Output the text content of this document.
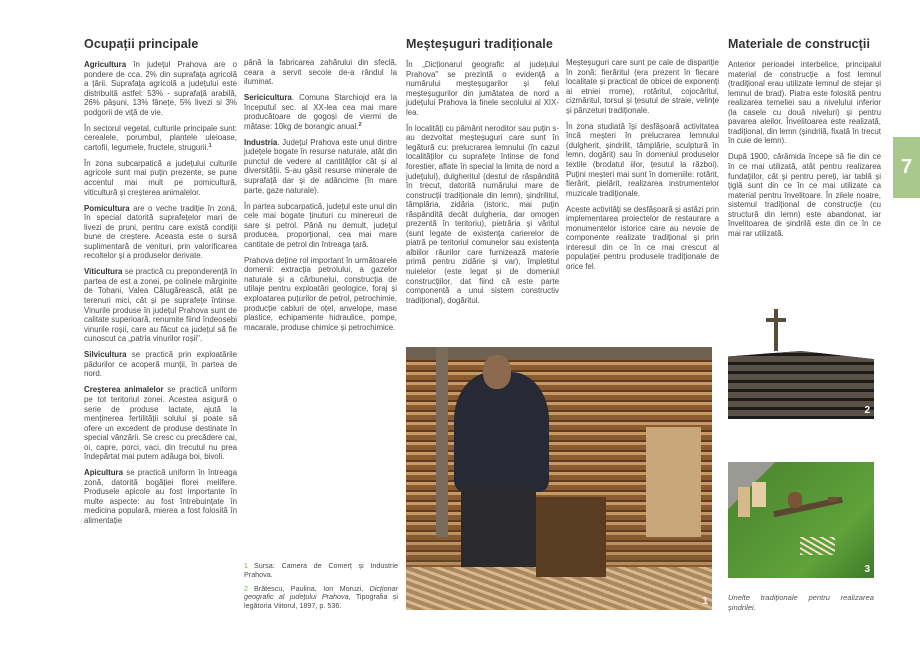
Ocupații principale

Agricultura în județul Prahova are o pondere de cca. 2% din suprafața agricolă a țării. Suprafața agricolă a județului este distribuită astfel: 53% - suprafață arabilă, 26% pășuni, 13% fânețe, 5% livezi si 3% podgorii de viță de vie.

În sectorul vegetal, culturile principale sunt: cerealele, porumbul, plantele uleioase, cartofii, legumele, fructele, strugurii.$^1$

În zona subcarpatică a județului culturile agricole sunt mai puțin prezente, se pune accentul mai mult pe pomicultură, viticultură și creșterea animalelor.

Pomicultura are o veche tradiție în zonă, în special datorită suprafețelor mari de livezi de pruni, pentru care există condiții bune de creștere. Aceasta este o sursă suplimentară de venituri, prin valorificarea recoltelor și a produselor derivate.

Viticultura se practică cu preponderență în partea de est a zonei, pe colinele mărginite de Tohani, Valea Călugărească, atât pe terenuri mici, cât și pe suprafețe întinse. Vinurile produse în județul Prahova sunt de calitate superioară, renumite fiind îndeosebi vinurile roșii, care au făcut ca județul să fie cunoscut ca „patria vinurilor roșii".

Silvicultura se practică prin exploatările pădurilor ce acoperă munții, în partea de nord.

Creșterea animalelor se practică uniform pe tot teritoriul zonei. Acestea asigură o serie de produse lactate, ajută la menținerea fertilității solului și poate să ofere un excedent de produse destinate în special vânzării. Se cresc cu precădere cai, oi, capre, porci, vaci, din trecutul nu prea îndepărtat mai putem adăuga boi, bivoli.

Apicultura se practică uniform în întreaga zonă, datorită bogăției florei melifere. Produsele apicole au fost importante în multe aspecte: au fost întrebuințate în medicina populară, mierea a fost folosită în alimentație

până la fabricarea zahărului din sfeclă, ceara a servit secole de-a rândul la iluminat.

Sericicultura. Comuna Starchiojd era la începutul sec. al XX-lea cea mai mare producătoare de gogoși de viermi de mătase: 10kg de borangic anual.$^2$

Industria. Județul Prahova este unul dintre județele bogate în resurse naturale, atât din punctul de vedere al cantităților cât și al diversității. S-au găsit resurse minerale de suprafață dar și de adâncime (în mare parte, gaze naturale).

În partea subcarpatică, județul este unul din cele mai bogate ținuturi cu minereuri de sare și petrol. Până nu demult, județul producea, proporțional, cea mai mare cantitate de petrol din întreaga țară.

Prahova deține rol important în următoarele domenii: extracția petrolului, a gazelor naturale și a cărbunelui, construcția de utilaje pentru exploatări geologice, foraj și exploatarea puțurilor de petrol, petrochimie, producție cabluri de oțel, anvelope, mase plastice, echipamente hidraulice, pompe, macarale, produse chimice și petrochimice.

1 Sursa: Camera de Comerț și Industrie Prahova.

2 Brătescu, Paulina, Ion Moruzi, Dicționar geografic al județului Prahova, Tipografia și legătoria Viitorul, 1897, p. 536.

Meșteșuguri tradiționale

În „Dicționarul geografic al județului Prahova" se prezintă o evidență a numărului meșteșugarilor și felul meșteșugurilor din jumătatea de nord a județului Prahova la finele secolului al XIX-lea.

În localități cu pământ neroditor sau puțin s-au dezvoltat meșteșuguri care sunt în legătură cu: prelucrarea lemnului (în cazul localităților cu suprafețe întinse de fond forestier, aflate în special la limita de nord a județului), dulgheritul (destul de răspândită în trecut, datorită numărului mare de construcții tradiționale din lemn), șindrilitul, tâmplăria, zidăria (istoric, mai puțin răspândită decât dulgheria, dar omogen prezentă în teritoriu), pietrăria și văritul (sunt legate de existența carierelor de piatră pe teritoriul comunelor sau existența albiilor râurilor care furnizează materie primă pentru zidărie și var), împletitul nuielelor (este legat și de domeniul construcțiilor, dat fiind că este parte componentă a unui sistem constructiv tradițional), dogăritul.

Meșteșuguri care sunt pe cale de dispariție în zonă: fierăritul (era prezent în fiecare localitate și practicat de obicei de exponenți ai etniei rrome), rotăritul, cojocăritul, cizmăritul, torsul și țesutul de straie, velințe și pânzeturi tradiționale.

În zona studiată își desfășoară activitatea încă meșteri în prelucrarea lemnului (dulgherit, șindrilit, tâmplărie, sculptură în lemn, dogărit) sau în domeniul produselor textile (brodatul iilor, țesutul la război). Puțini meșteri mai sunt în domeniile: rotărit, fierărit, pielărit, realizarea instrumentelor muzicale tradiționale.

Aceste activități se desfășoară și astăzi prin implementarea proiectelor de restaurare a monumentelor istorice care au nevoie de componente realizate tradițional și prin interesul din ce în ce mai crescut al populației pentru produsele tradiționale de orice fel.

Materiale de construcții

Anterior perioadei interbelice, principalul material de construcție a fost lemnul (tradițional erau utilizate lemnul de stejar și lemnul de brad). Piatra este folosită pentru realizarea temeliei sau a nivelului inferior (la casele cu două niveluri) și pentru pavarea aleilor. Învelitoarea este realizată, tradițional, din lemn (șindrilă, fixată în trecut în cuie de lemn).

După 1900, cărămida începe să fie din ce în ce mai utilizată, atât pentru realizarea fundațiilor, cât și pentru pereți, iar tablă și țiglă sunt din ce în ce mai utilizate ca material pentru învelitoare. În zilele noatre, sistemul tradițional de construcție (cu structură din lemn) este abandonat, iar învelitoarea de șindrilă este din ce în ce mai rar utilizată.

7
1
2
3
Unelte tradiționale pentru realizarea șindrilei.
